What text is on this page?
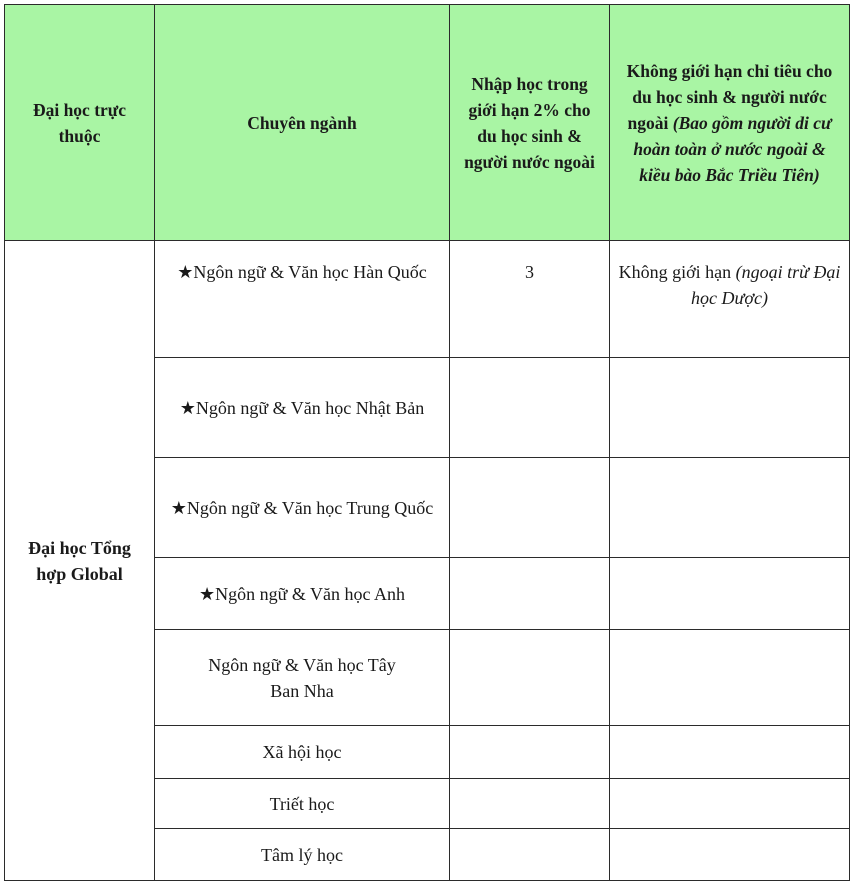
Đại học trực thuộc	Chuyên ngành	Nhập học trong giới hạn 2% cho du học sinh & người nước ngoài	Không giới hạn chỉ tiêu cho du học sinh & người nước ngoài (Bao gồm người di cư hoàn toàn ở nước ngoài & kiều bào Bắc Triều Tiên)
Đại học Tổng hợp Global	★Ngôn ngữ & Văn học Hàn Quốc	3	Không giới hạn (ngoại trừ Đại học Dược)
	★Ngôn ngữ & Văn học Nhật Bản		
	★Ngôn ngữ & Văn học Trung Quốc		
	★Ngôn ngữ & Văn học Anh		
	Ngôn ngữ & Văn học Tây Ban Nha		
	Xã hội học		
	Triết học		
	Tâm lý học		
